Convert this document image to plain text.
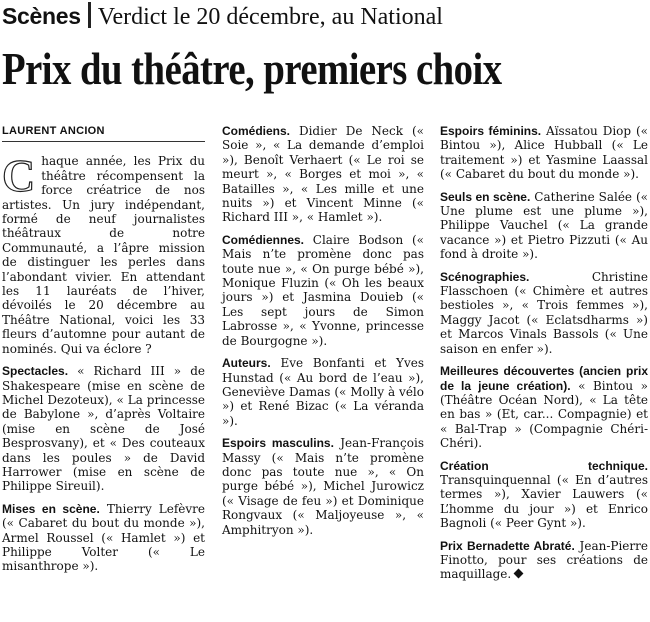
Scènes Verdict le 20 décembre, au National
Prix du théâtre, premiers choix
LAURENT ANCION

Chaque année, les Prix du théâtre récompensent la force créatrice de nos artistes. Un jury indépendant, formé de neuf journalistes théâtraux de notre Communauté, a l’âpre mission de distinguer les perles dans l’abondant vivier. En attendant les 11 lauréats de l’hiver, dévoilés le 20 décembre au Théâtre National, voici les 33 fleurs d’automne pour autant de nominés. Qui va éclore ?

Spectacles. « Richard III » de Shakespeare (mise en scène de Michel Dezoteux), « La princesse de Babylone », d’après Voltaire (mise en scène de José Besprosvany), et « Des couteaux dans les poules » de David Harrower (mise en scène de Philippe Sireuil).

Mises en scène. Thierry Lefèvre (« Cabaret du bout du monde »), Armel Roussel (« Hamlet ») et Philippe Volter (« Le misanthrope »).

Comédiens. Didier De Neck (« Soie », « La demande d’emploi »), Benoît Verhaert (« Le roi se meurt », « Borges et moi », « Batailles », « Les mille et une nuits ») et Vincent Minne (« Richard III », « Hamlet »).

Comédiennes. Claire Bodson (« Mais n’te promène donc pas toute nue », « On purge bébé »), Monique Fluzin (« Oh les beaux jours ») et Jasmina Douieb (« Les sept jours de Simon Labrosse », « Yvonne, princesse de Bourgogne »).

Auteurs. Eve Bonfanti et Yves Hunstad (« Au bord de l’eau »), Geneviève Damas (« Molly à vélo ») et René Bizac (« La véranda »).

Espoirs masculins. Jean-François Massy (« Mais n’te promène donc pas toute nue », « On purge bébé »), Michel Jurowicz (« Visage de feu ») et Dominique Rongvaux (« Maljoyeuse », « Amphitryon »).

Espoirs féminins. Aïssatou Diop (« Bintou »), Alice Hubball (« Le traitement ») et Yasmine Laassal (« Cabaret du bout du monde »).

Seuls en scène. Catherine Salée (« Une plume est une plume »), Philippe Vauchel (« La grande vacance ») et Pietro Pizzuti (« Au fond à droite »).

Scénographies. Christine Flasschoen (« Chimère et autres bestioles », « Trois femmes »), Maggy Jacot (« Eclatsdharms ») et Marcos Vinals Bassols (« Une saison en enfer »).

Meilleures découvertes (ancien prix de la jeune création). « Bintou » (Théâtre Océan Nord), « La tête en bas » (Et, car... Compagnie) et « Bal-Trap » (Compagnie Chéri-Chéri).

Création technique. Transquinquennal (« En d’autres termes »), Xavier Lauwers (« L’homme du jour ») et Enrico Bagnoli (« Peer Gynt »).

Prix Bernadette Abraté. Jean-Pierre Finotto, pour ses créations de maquillage.
